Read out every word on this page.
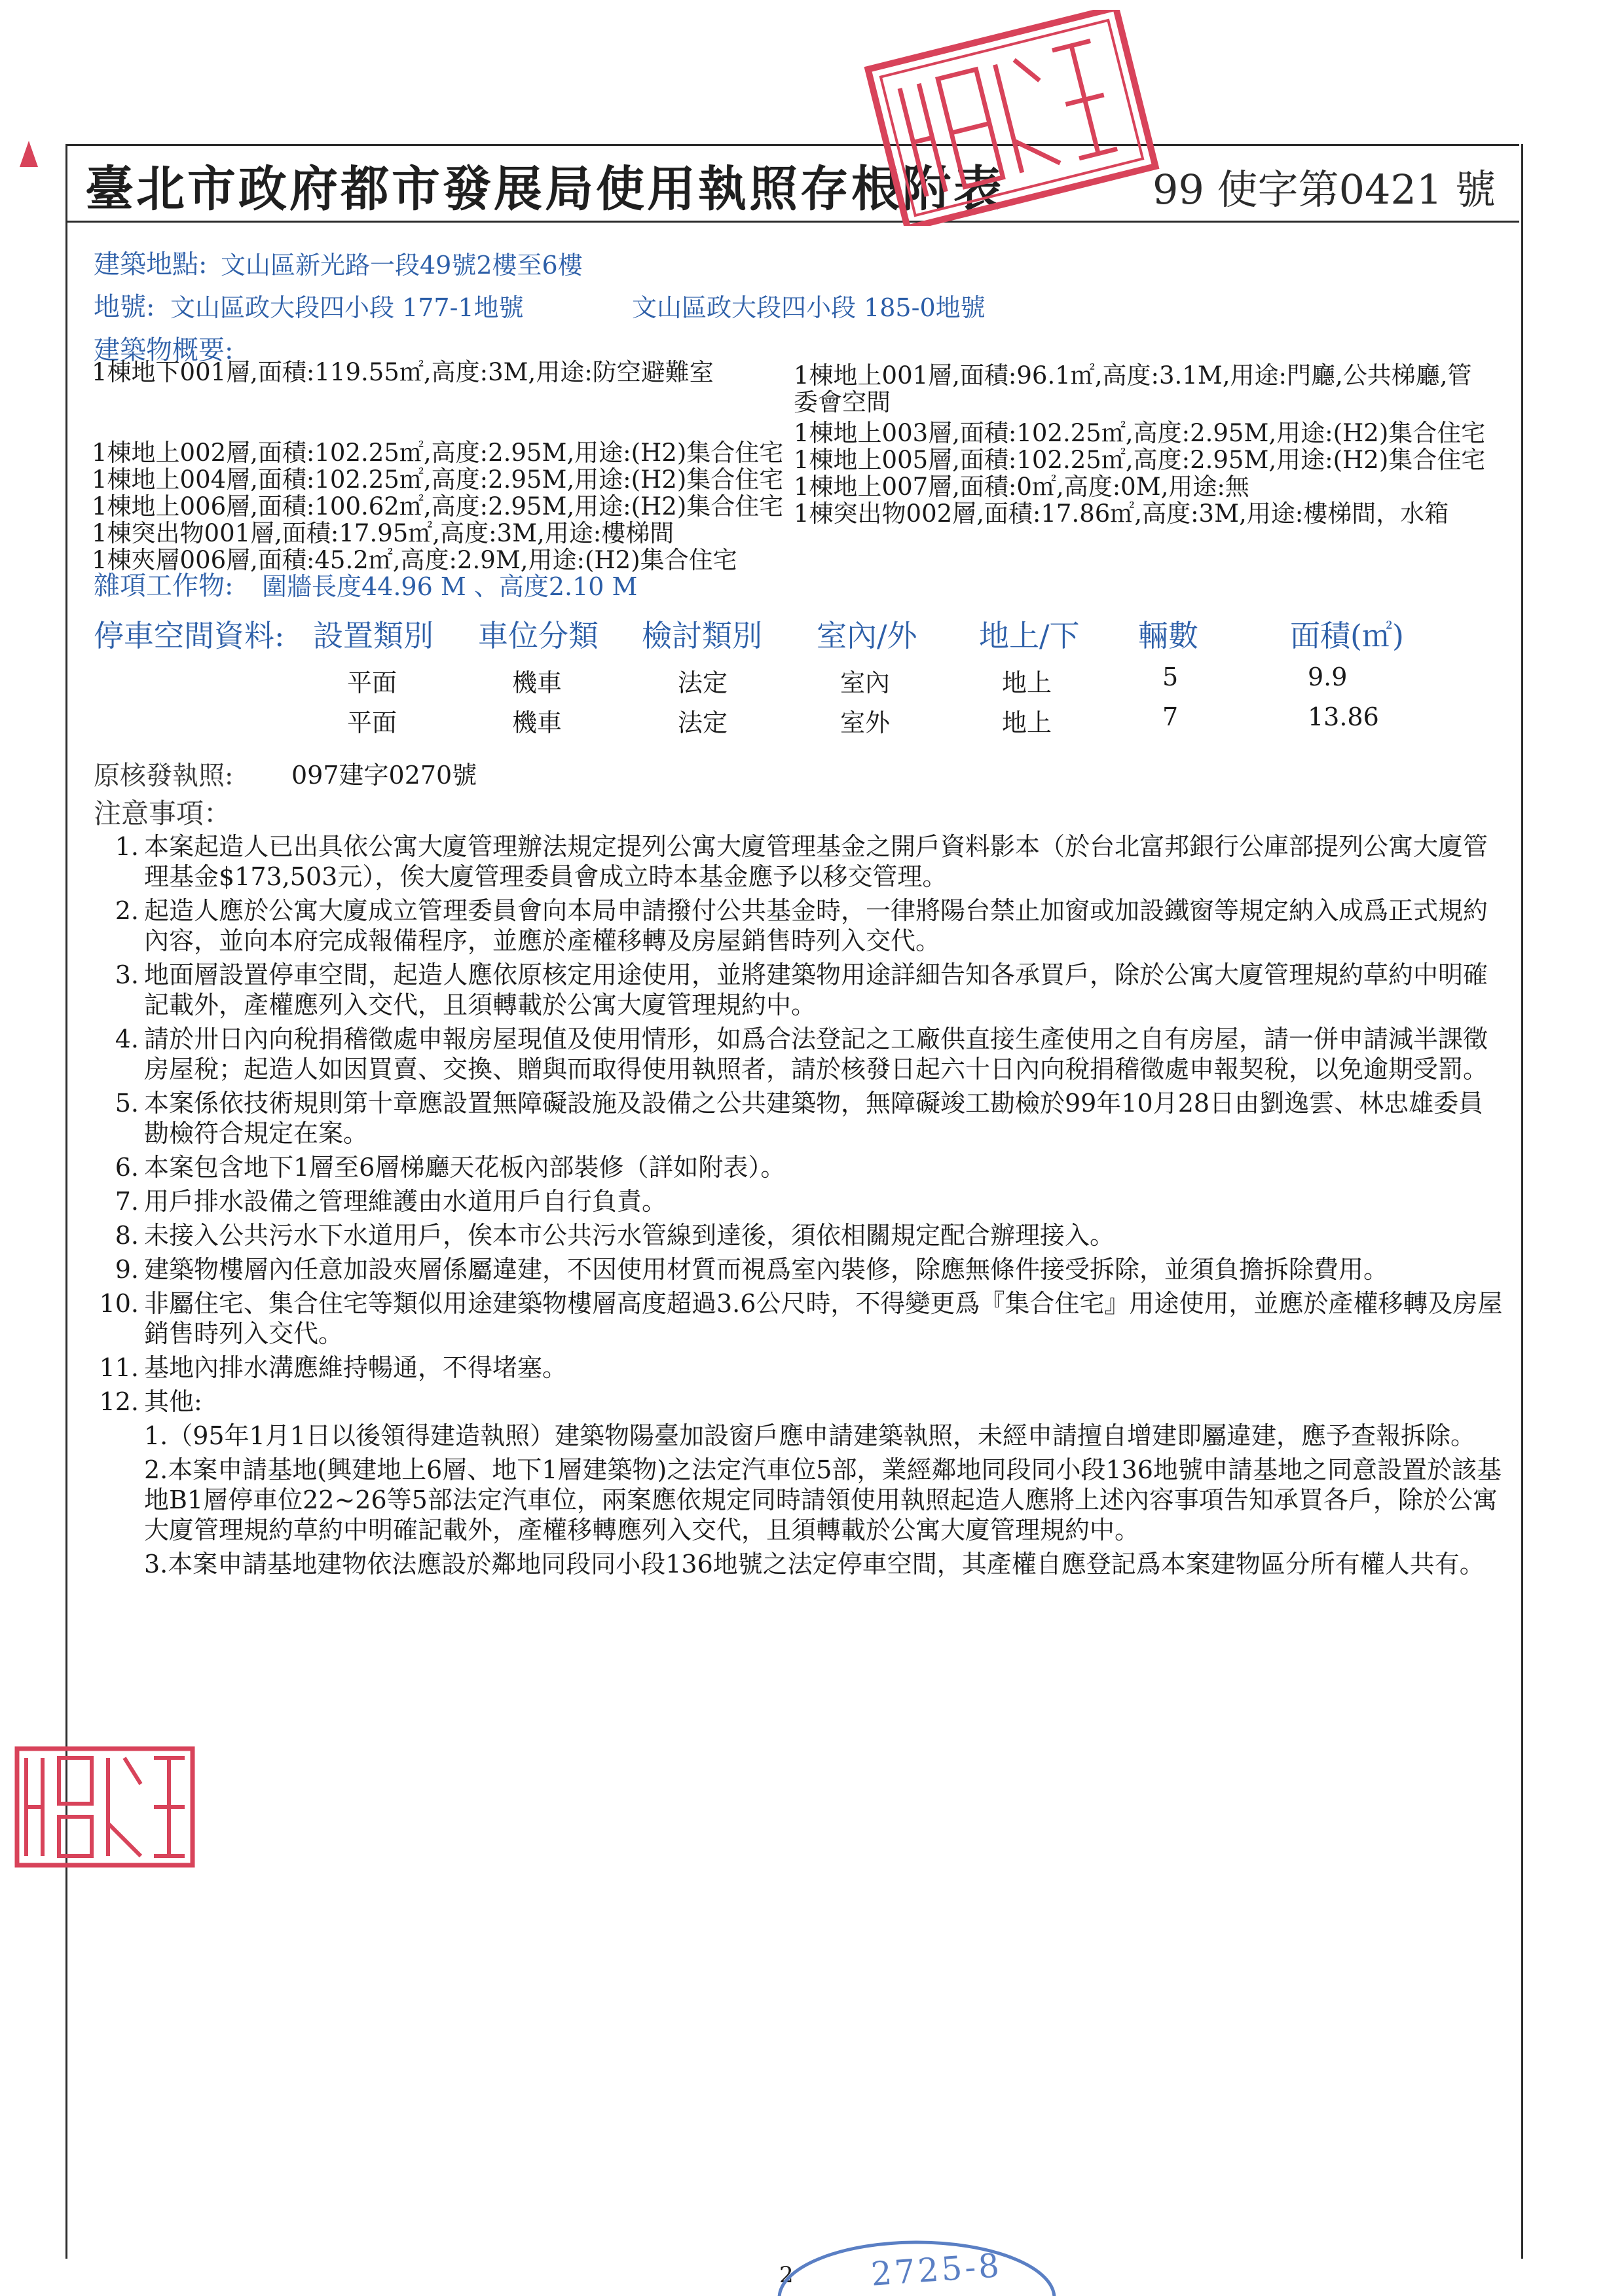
臺北市政府都市發展局使用執照存根附表	99 使字第0421 號
建築地點: 文山區新光路一段49號2樓至6樓
地號: 文山區政大段四小段 177-1地號	文山區政大段四小段 185-0地號
建築物概要:
1棟地下001層,面積:119.55㎡,高度:3M,用途:防空避難室
1棟地上002層,面積:102.25㎡,高度:2.95M,用途:(H2)集合住宅
1棟地上004層,面積:102.25㎡,高度:2.95M,用途:(H2)集合住宅
1棟地上006層,面積:100.62㎡,高度:2.95M,用途:(H2)集合住宅
1棟突出物001層,面積:17.95㎡,高度:3M,用途:樓梯間
1棟夾層006層,面積:45.2㎡,高度:2.9M,用途:(H2)集合住宅
1棟地上001層,面積:96.1㎡,高度:3.1M,用途:門廳,公共梯廳,管
委會空間
1棟地上003層,面積:102.25㎡,高度:2.95M,用途:(H2)集合住宅
1棟地上005層,面積:102.25㎡,高度:2.95M,用途:(H2)集合住宅
1棟地上007層,面積:0㎡,高度:0M,用途:無
1棟突出物002層,面積:17.86㎡,高度:3M,用途:樓梯間，水箱
雜項工作物: 圍牆長度44.96 M 、高度2.10 M
停車空間資料: 設置類別 車位分類 檢討類別 室內/外 地上/下 輛數	面積(㎡)
平面	機車	法定	室內	地上	5	9.9
平面	機車	法定	室外	地上	7	13.86
原核發執照: 097建字0270號
注意事項：
1. 本案起造人已出具依公寓大廈管理辦法規定提列公寓大廈管理基金之開戶資料影本（於台北富邦銀行公庫部提列公寓大廈管理基金$173,503元），俟大廈管理委員會成立時本基金應予以移交管理。
2. 起造人應於公寓大廈成立管理委員會向本局申請撥付公共基金時，一律將陽台禁止加窗或加設鐵窗等規定納入成爲正式規約內容，並向本府完成報備程序，並應於產權移轉及房屋銷售時列入交代。
3. 地面層設置停車空間，起造人應依原核定用途使用，並將建築物用途詳細告知各承買戶，除於公寓大廈管理規約草約中明確記載外，產權應列入交代，且須轉載於公寓大廈管理規約中。
4. 請於卅日內向稅捐稽徵處申報房屋現值及使用情形，如爲合法登記之工廠供直接生產使用之自有房屋，請一併申請減半課徵房屋稅；起造人如因買賣、交換、贈與而取得使用執照者，請於核發日起六十日內向稅捐稽徵處申報契稅，以免逾期受罰。
5. 本案係依技術規則第十章應設置無障礙設施及設備之公共建築物，無障礙竣工勘檢於99年10月28日由劉逸雲、林忠雄委員勘檢符合規定在案。
6. 本案包含地下1層至6層梯廳天花板內部裝修（詳如附表）。
7. 用戶排水設備之管理維護由水道用戶自行負責。
8. 未接入公共污水下水道用戶，俟本市公共污水管線到達後，須依相關規定配合辦理接入。
9. 建築物樓層內任意加設夾層係屬違建，不因使用材質而視爲室內裝修，除應無條件接受拆除，並須負擔拆除費用。
10. 非屬住宅、集合住宅等類似用途建築物樓層高度超過3.6公尺時，不得變更爲『集合住宅』用途使用，並應於產權移轉及房屋銷售時列入交代。
11. 基地內排水溝應維持暢通，不得堵塞。
12. 其他:
1.（95年1月1日以後領得建造執照）建築物陽臺加設窗戶應申請建築執照，未經申請擅自增建即屬違建，應予查報拆除。
2.本案申請基地(興建地上6層、地下1層建築物)之法定汽車位5部，業經鄰地同段同小段136地號申請基地之同意設置於該基地B1層停車位22~26等5部法定汽車位，兩案應依規定同時請領使用執照起造人應將上述內容事項告知承買各戶，除於公寓大廈管理規約草約中明確記載外，產權移轉應列入交代，且須轉載於公寓大廈管理規約中。
3.本案申請基地建物依法應設於鄰地同段同小段136地號之法定停車空間，其產權自應登記爲本案建物區分所有權人共有。
2 2725-8
